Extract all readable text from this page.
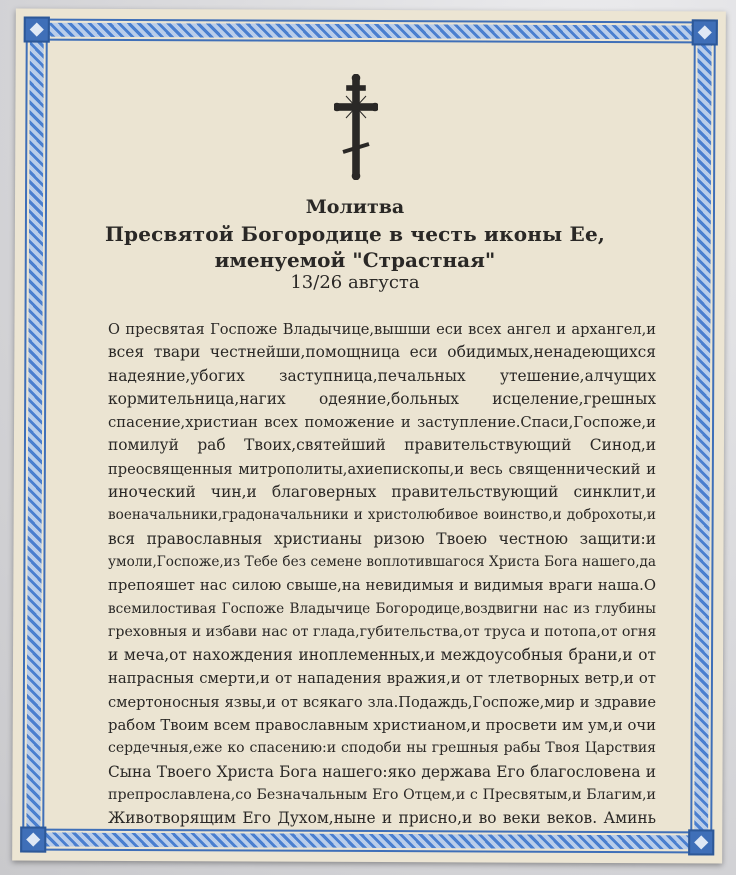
Молитва
Пресвятой Богородице в честь иконы Ее,
именуемой "Страстная"
13/26 августа
О пресвятая Госпоже Владычице,вышши еси всех ангел и архангел,и
всея твари честнейши,помощница еси обидимых,ненадеющихся
надеяние,убогих заступница,печальных утешение,алчущих
кормительница,нагих одеяние,больных исцеление,грешных
спасение,христиан всех поможение и заступление.Спаси,Госпоже,и
помилуй раб Твоих,святейший правительствующий Синод,и
преосвященныя митрополиты,ахиепископы,и весь священнический и
иноческий чин,и благоверных правительствующий синклит,и
военачальники,градоначальники и христолюбивое воинство,и доброхоты,и
вся православныя христианы ризою Твоею честною защити:и
умоли,Госпоже,из Тебе без семене воплотившагося Христа Бога нашего,да
препояшет нас силою свыше,на невидимыя и видимыя враги наша.О
всемилостивая Госпоже Владычице Богородице,воздвигни нас из глубины
греховныя и избави нас от глада,губительства,от труса и потопа,от огня
и меча,от нахождения иноплеменных,и междоусобныя брани,и от
напрасныя смерти,и от нападения вражия,и от тлетворных ветр,и от
смертоносныя язвы,и от всякаго зла.Подаждь,Госпоже,мир и здравие
рабом Твоим всем православным христианом,и просвети им ум,и очи
сердечныя,еже ко спасению:и сподоби ны грешныя рабы Твоя Царствия
Сына Твоего Христа Бога нашего:яко держава Его благословена и
препрославлена,со Безначальным Его Отцем,и с Пресвятым,и Благим,и
Животворящим Его Духом,ныне и присно,и во веки веков. Аминь
